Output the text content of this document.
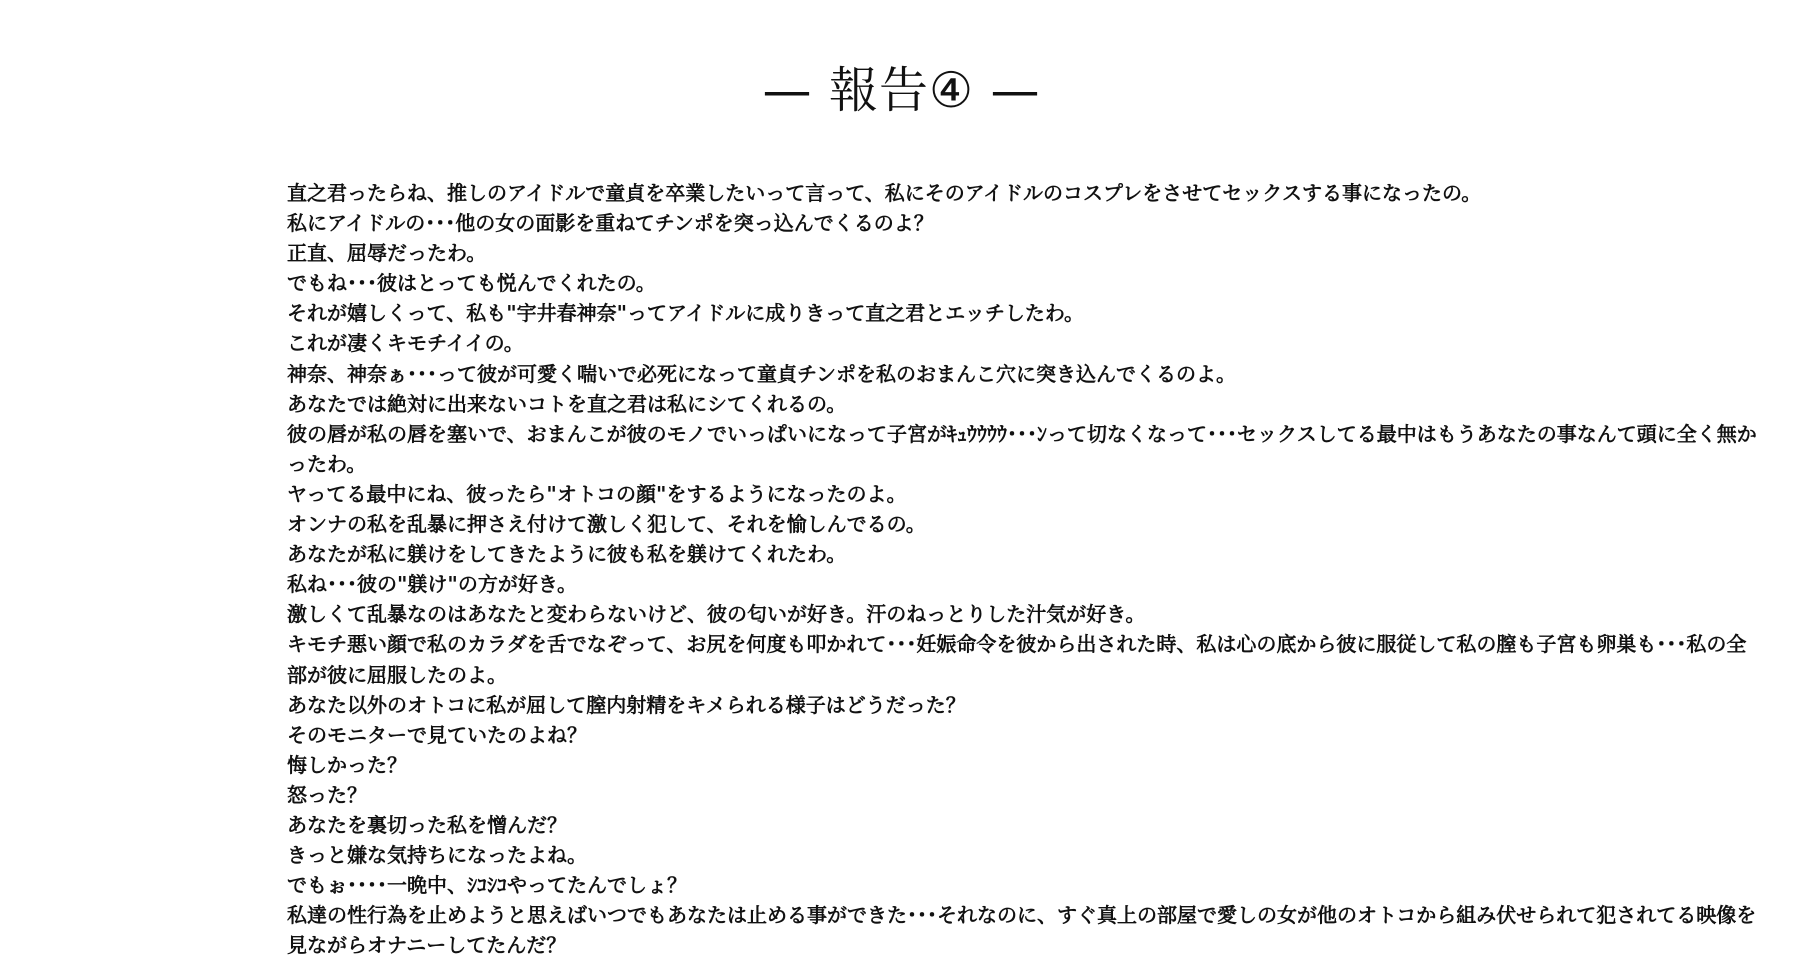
— 報告④ —

直之君ったらね、推しのアイドルで童貞を卒業したいって言って、私にそのアイドルのコスプレをさせてセックスする事になったの。

私にアイドルの･･･他の女の面影を重ねてチンポを突っ込んでくるのよ？

正直、屈辱だったわ。

でもね･･･彼はとっても悦んでくれたの。

それが嬉しくって、私も"宇井春神奈"ってアイドルに成りきって直之君とエッチしたわ。

これが凄くキモチイイの。

神奈、神奈ぁ･･･って彼が可愛く喘いで必死になって童貞チンポを私のおまんこ穴に突き込んでくるのよ。

あなたでは絶対に出来ないコトを直之君は私にシてくれるの。

彼の唇が私の唇を塞いで、おまんこが彼のモノでいっぱいになって子宮がｷｭｳｳｳｳ･･･ﾝって切なくなって･･･セックスしてる最中はもうあなたの事なんて頭に全く無かったわ。

ヤってる最中にね、彼ったら"オトコの顔"をするようになったのよ。

オンナの私を乱暴に押さえ付けて激しく犯して、それを愉しんでるの。

あなたが私に躾けをしてきたように彼も私を躾けてくれたわ。

私ね･･･彼の"躾け"の方が好き。

激しくて乱暴なのはあなたと変わらないけど、彼の匂いが好き。汗のねっとりした汁気が好き。

キモチ悪い顔で私のカラダを舌でなぞって、お尻を何度も叩かれて･･･妊娠命令を彼から出された時、私は心の底から彼に服従して私の膣も子宮も卵巣も･･･私の全部が彼に屈服したのよ。

あなた以外のオトコに私が屈して膣内射精をキメられる様子はどうだった？

そのモニターで見ていたのよね？

悔しかった？

怒った？

あなたを裏切った私を憎んだ？

きっと嫌な気持ちになったよね。

でもぉ････一晩中、ｼｺｼｺやってたんでしょ？

私達の性行為を止めようと思えばいつでもあなたは止める事ができた･･･それなのに、すぐ真上の部屋で愛しの女が他のオトコから組み伏せられて犯されてる映像を見ながらオナニーしてたんだ？
